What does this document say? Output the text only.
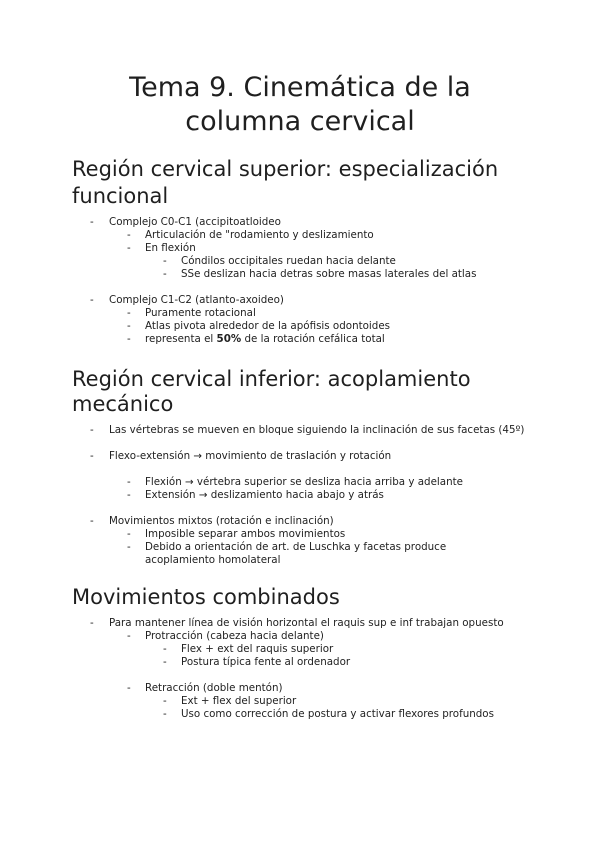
Tema 9. Cinemática de la
columna cervical
Región cervical superior: especialización
funcional
- Complejo C0-C1 (accipitoatloideo
- Articulación de "rodamiento y deslizamiento
- En flexión
- Cóndilos occipitales ruedan hacia delante
- SSe deslizan hacia detras sobre masas laterales del atlas
- Complejo C1-C2 (atlanto-axoideo)
- Puramente rotacional
- Atlas pivota alrededor de la apófisis odontoides
- representa el 50% de la rotación cefálica total
Región cervical inferior: acoplamiento
mecánico
- Las vértebras se mueven en bloque siguiendo la inclinación de sus facetas (45º)
- Flexo-extensión → movimiento de traslación y rotación
- Flexión → vértebra superior se desliza hacia arriba y adelante
- Extensión → deslizamiento hacia abajo y atrás
- Movimientos mixtos (rotación e inclinación)
- Imposible separar ambos movimientos
- Debido a orientación de art. de Luschka y facetas produce
acoplamiento homolateral
Movimientos combinados
- Para mantener línea de visión horizontal el raquis sup e inf trabajan opuesto
- Protracción (cabeza hacia delante)
- Flex + ext del raquis superior
- Postura típica fente al ordenador
- Retracción (doble mentón)
- Ext + flex del superior
- Uso como corrección de postura y activar flexores profundos
